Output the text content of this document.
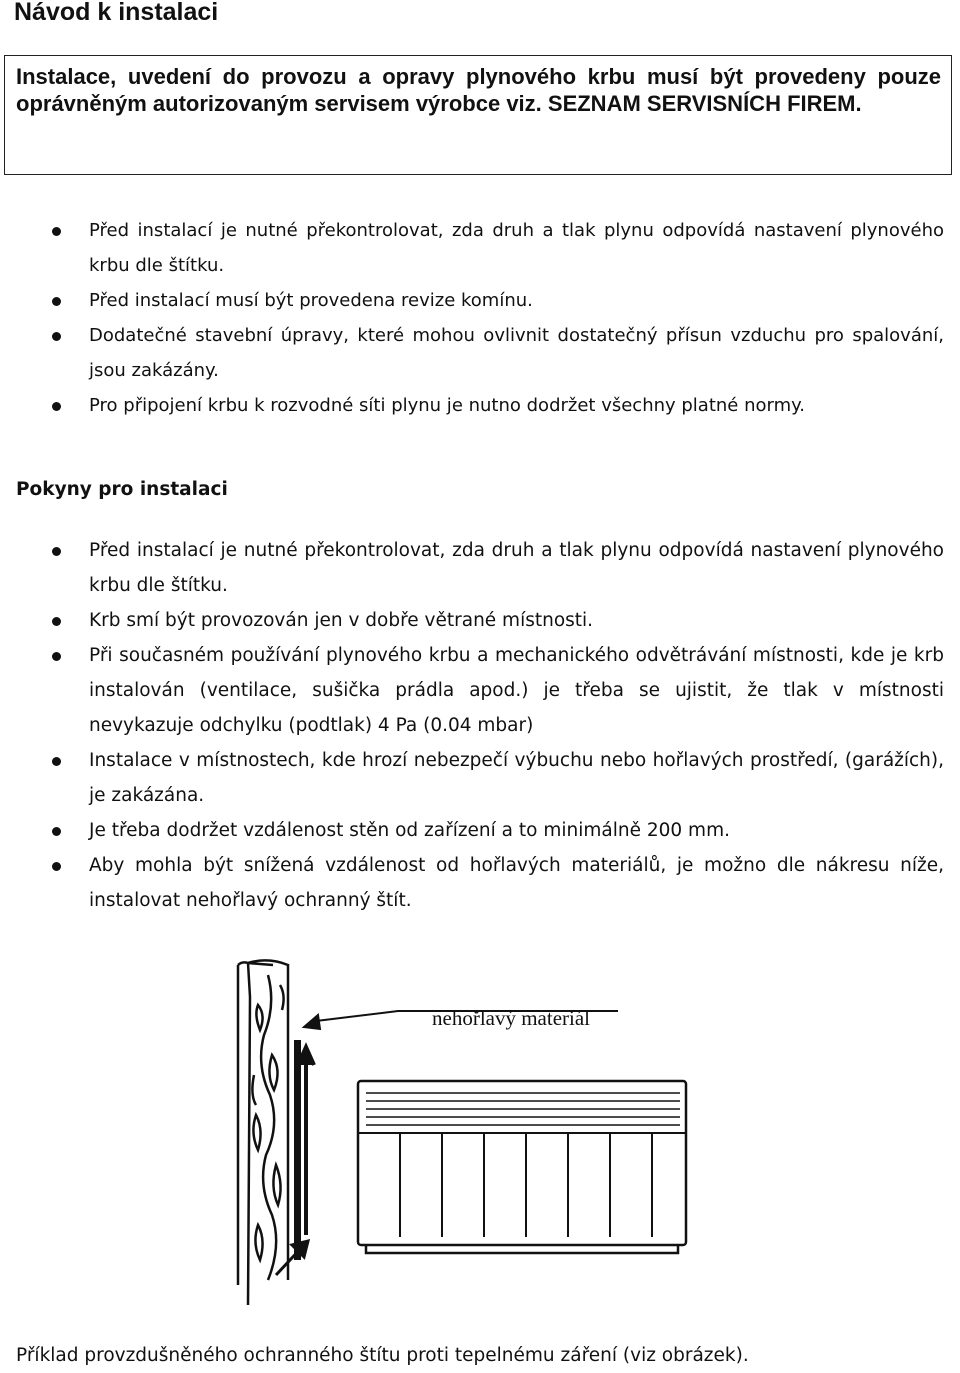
Návod k instalaci
Instalace, uvedení do provozu a opravy plynového krbu musí být provedeny pouze oprávněným autorizovaným servisem výrobce viz. SEZNAM SERVISNÍCH FIREM.
Před instalací je nutné překontrolovat, zda druh a tlak plynu odpovídá nastavení plynového krbu dle štítku.
Před instalací musí být provedena revize komínu.
Dodatečné stavební úpravy, které mohou ovlivnit dostatečný přísun vzduchu pro spalování, jsou zakázány.
Pro připojení krbu k rozvodné síti plynu je nutno dodržet všechny platné normy.
Pokyny pro instalaci
Před instalací je nutné překontrolovat, zda druh a tlak plynu odpovídá nastavení plynového krbu dle štítku.
Krb smí být provozován jen v dobře větrané místnosti.
Při současném používání plynového krbu a mechanického odvětrávání místnosti, kde je krb instalován (ventilace, sušička prádla apod.) je třeba se ujistit, že tlak v místnosti nevykazuje odchylku (podtlak) 4 Pa (0.04 mbar)
Instalace v místnostech, kde hrozí nebezpečí výbuchu nebo hořlavých prostředí, (garážích), je zakázána.
Je třeba dodržet vzdálenost stěn od zařízení a to minimálně 200 mm.
Aby mohla být snížená vzdálenost od hořlavých materiálů, je možno dle nákresu níže, instalovat nehořlavý ochranný štít.
nehořlavý materiál

Příklad provzdušněného ochranného štítu proti tepelnému záření (viz obrázek).
